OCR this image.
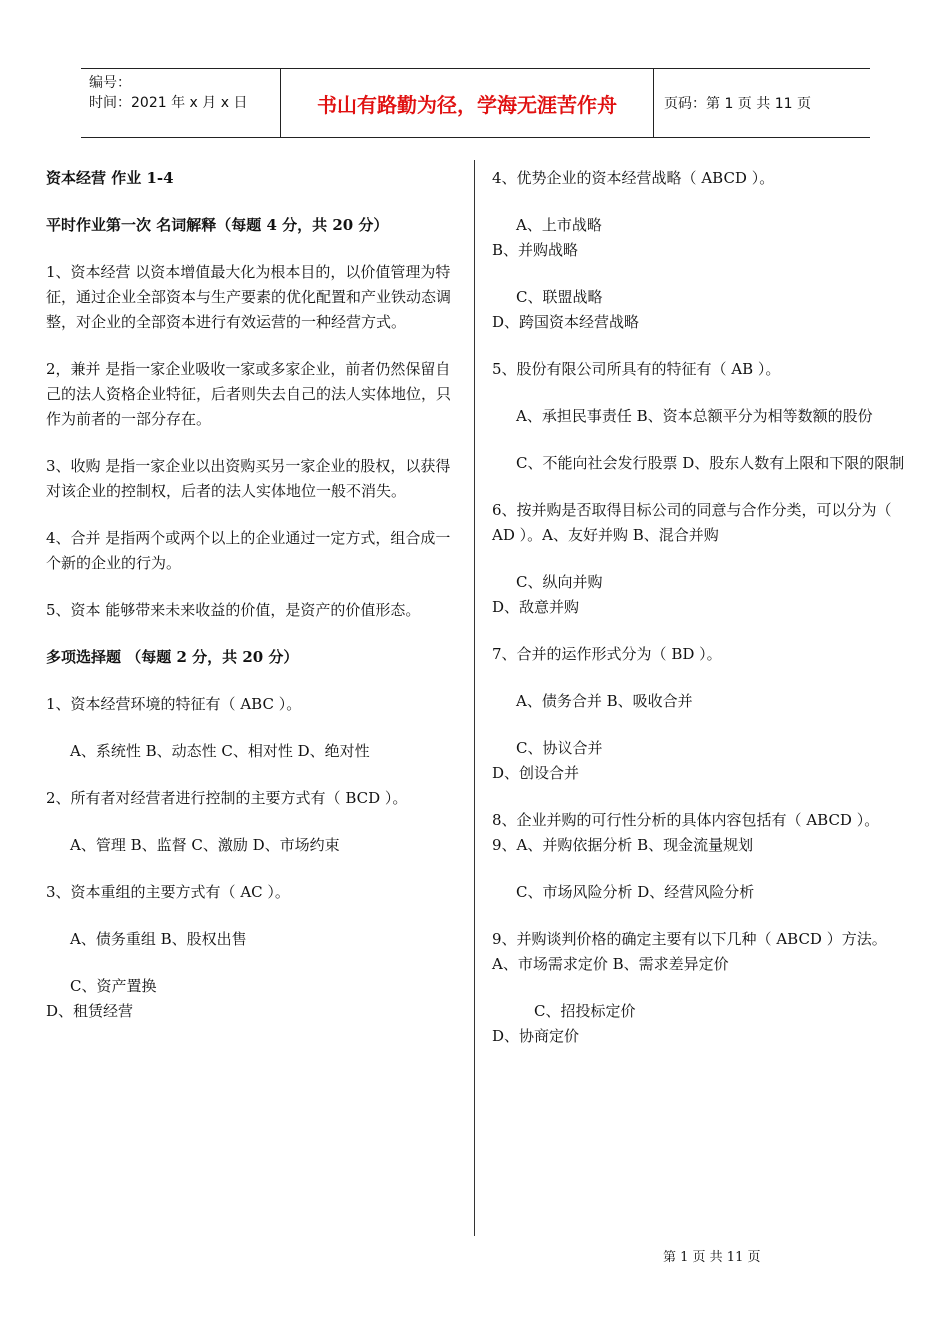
编号：
时间：2021 年 x 月 x 日	书山有路勤为径，学海无涯苦作舟	页码：第 1 页 共 11 页

资本经营 作业 1-4

平时作业第一次 名词解释（每题 4 分，共 20 分）

1、资本经营 以资本增值最大化为根本目的，以价值管理为特征，通过企业全部资本与生产要素的优化配置和产业铁动态调整，对企业的全部资本进行有效运营的一种经营方式。

2，兼并 是指一家企业吸收一家或多家企业，前者仍然保留自己的法人资格企业特征，后者则失去自己的法人实体地位，只作为前者的一部分存在。

3、收购 是指一家企业以出资购买另一家企业的股权，以获得对该企业的控制权，后者的法人实体地位一般不消失。

4、合并 是指两个或两个以上的企业通过一定方式，组合成一个新的企业的行为。

5、资本 能够带来未来收益的价值，是资产的价值形态。

多项选择题 （每题 2 分，共 20 分）

1、资本经营环境的特征有（ ABC ）。

A、系统性 B、动态性 C、相对性 D、绝对性

2、所有者对经营者进行控制的主要方式有（ BCD ）。

A、管理 B、监督 C、激励 D、市场约束

3、资本重组的主要方式有（ AC ）。

A、债务重组 B、股权出售

C、资产置换

D、租赁经营

4、优势企业的资本经营战略（ ABCD ）。

A、上市战略

B、并购战略

C、联盟战略

D、跨国资本经营战略

5、股份有限公司所具有的特征有（ AB ）。

A、承担民事责任 B、资本总额平分为相等数额的股份

C、不能向社会发行股票 D、股东人数有上限和下限的限制

6、按并购是否取得目标公司的同意与合作分类，可以分为（ AD ）。A、友好并购 B、混合并购

C、纵向并购

D、敌意并购

7、合并的运作形式分为（ BD ）。

A、债务合并 B、吸收合并

C、协议合并

D、创设合并

8、企业并购的可行性分析的具体内容包括有（ ABCD ）。

9、A、并购依据分析 B、现金流量规划

C、市场风险分析 D、经营风险分析

9、并购谈判价格的确定主要有以下几种（ ABCD ）方法。 A、市场需求定价 B、需求差异定价

C、招投标定价

D、协商定价

第 1 页 共 11 页
